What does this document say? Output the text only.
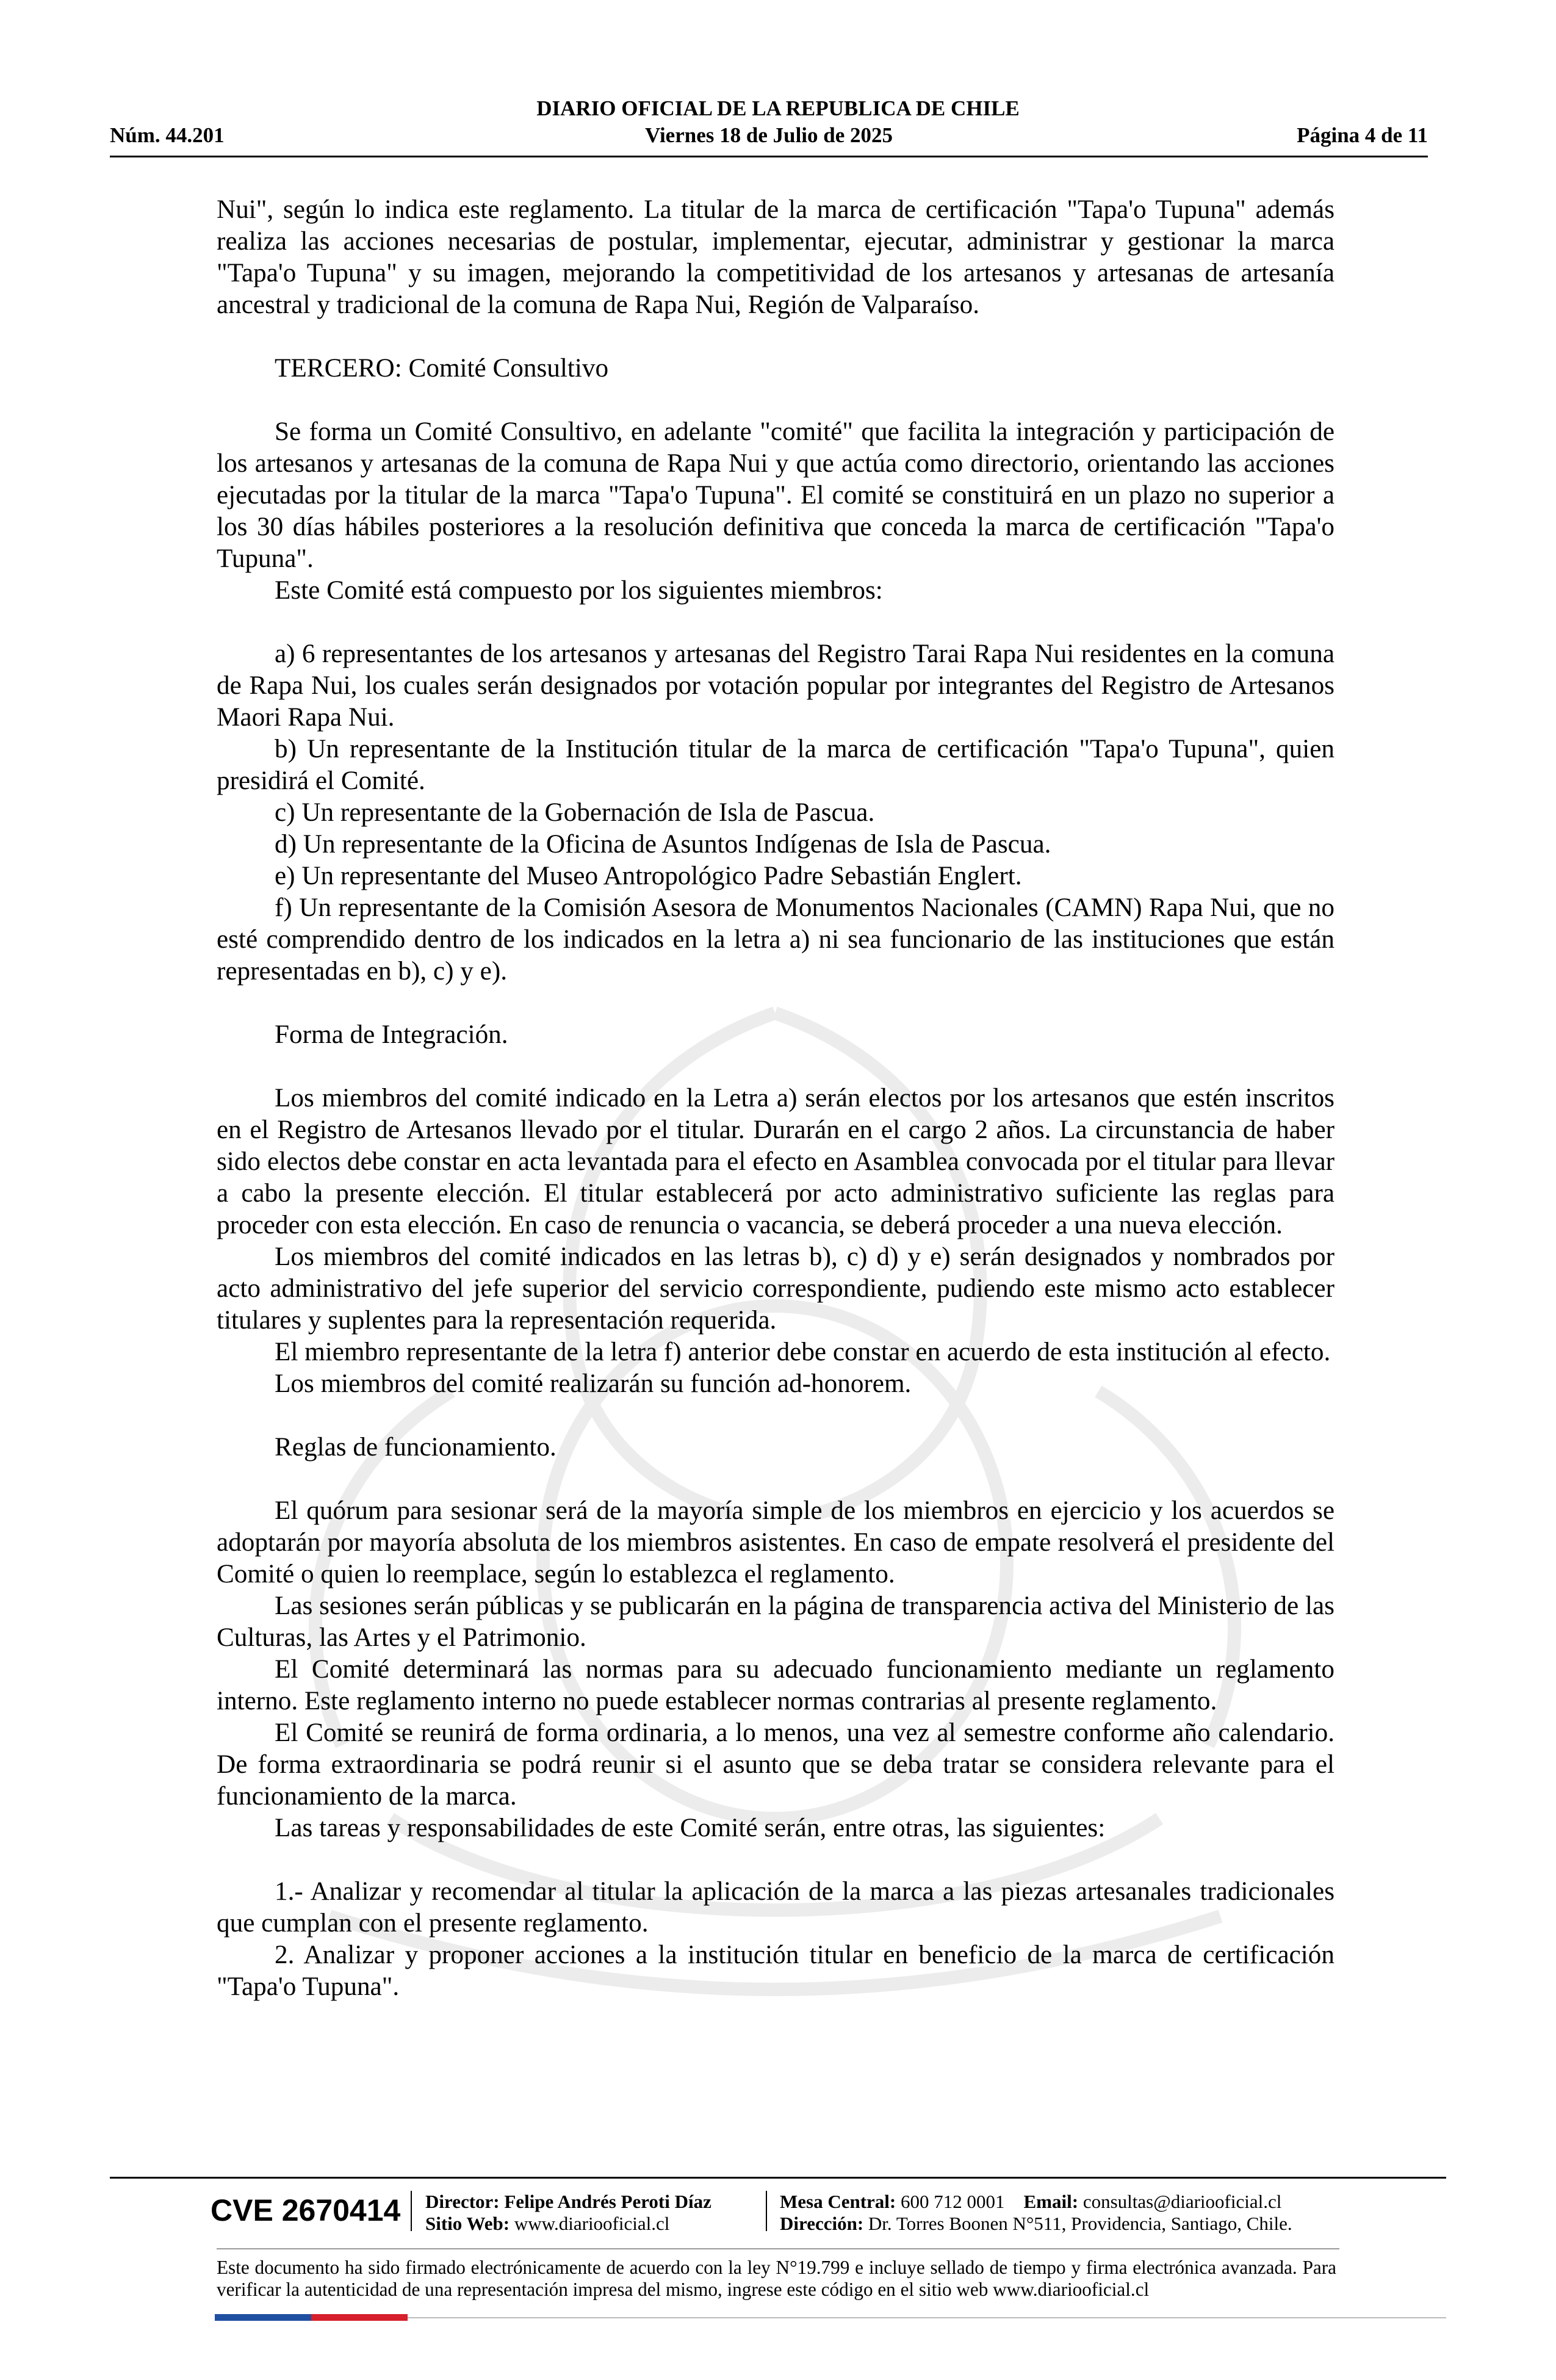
DIARIO OFICIAL DE LA REPUBLICA DE CHILE
Núm. 44.201	Viernes 18 de Julio de 2025	Página 4 de 11

Nui", según lo indica este reglamento. La titular de la marca de certificación "Tapa'o Tupuna" además realiza las acciones necesarias de postular, implementar, ejecutar, administrar y gestionar la marca "Tapa'o Tupuna" y su imagen, mejorando la competitividad de los artesanos y artesanas de artesanía ancestral y tradicional de la comuna de Rapa Nui, Región de Valparaíso.

TERCERO: Comité Consultivo

Se forma un Comité Consultivo, en adelante "comité" que facilita la integración y participación de los artesanos y artesanas de la comuna de Rapa Nui y que actúa como directorio, orientando las acciones ejecutadas por la titular de la marca "Tapa'o Tupuna". El comité se constituirá en un plazo no superior a los 30 días hábiles posteriores a la resolución definitiva que conceda la marca de certificación "Tapa'o Tupuna".

Este Comité está compuesto por los siguientes miembros:

a) 6 representantes de los artesanos y artesanas del Registro Tarai Rapa Nui residentes en la comuna de Rapa Nui, los cuales serán designados por votación popular por integrantes del Registro de Artesanos Maori Rapa Nui.

b) Un representante de la Institución titular de la marca de certificación "Tapa'o Tupuna", quien presidirá el Comité.

c) Un representante de la Gobernación de Isla de Pascua.

d) Un representante de la Oficina de Asuntos Indígenas de Isla de Pascua.

e) Un representante del Museo Antropológico Padre Sebastián Englert.

f) Un representante de la Comisión Asesora de Monumentos Nacionales (CAMN) Rapa Nui, que no esté comprendido dentro de los indicados en la letra a) ni sea funcionario de las instituciones que están representadas en b), c) y e).

Forma de Integración.

Los miembros del comité indicado en la Letra a) serán electos por los artesanos que estén inscritos en el Registro de Artesanos llevado por el titular. Durarán en el cargo 2 años. La circunstancia de haber sido electos debe constar en acta levantada para el efecto en Asamblea convocada por el titular para llevar a cabo la presente elección. El titular establecerá por acto administrativo suficiente las reglas para proceder con esta elección. En caso de renuncia o vacancia, se deberá proceder a una nueva elección.

Los miembros del comité indicados en las letras b), c) d) y e) serán designados y nombrados por acto administrativo del jefe superior del servicio correspondiente, pudiendo este mismo acto establecer titulares y suplentes para la representación requerida.

El miembro representante de la letra f) anterior debe constar en acuerdo de esta institución al efecto.

Los miembros del comité realizarán su función ad-honorem.

Reglas de funcionamiento.

El quórum para sesionar será de la mayoría simple de los miembros en ejercicio y los acuerdos se adoptarán por mayoría absoluta de los miembros asistentes. En caso de empate resolverá el presidente del Comité o quien lo reemplace, según lo establezca el reglamento.

Las sesiones serán públicas y se publicarán en la página de transparencia activa del Ministerio de las Culturas, las Artes y el Patrimonio.

El Comité determinará las normas para su adecuado funcionamiento mediante un reglamento interno. Este reglamento interno no puede establecer normas contrarias al presente reglamento.

El Comité se reunirá de forma ordinaria, a lo menos, una vez al semestre conforme año calendario. De forma extraordinaria se podrá reunir si el asunto que se deba tratar se considera relevante para el funcionamiento de la marca.

Las tareas y responsabilidades de este Comité serán, entre otras, las siguientes:

1.- Analizar y recomendar al titular la aplicación de la marca a las piezas artesanales tradicionales que cumplan con el presente reglamento.

2. Analizar y proponer acciones a la institución titular en beneficio de la marca de certificación "Tapa'o Tupuna".

CVE 2670414 Director: Felipe Andrés Peroti Díaz
Sitio Web: www.diariooficial.cl
Mesa Central: 600 712 0001 Email: consultas@diariooficial.cl
Dirección: Dr. Torres Boonen N°511, Providencia, Santiago, Chile.
Este documento ha sido firmado electrónicamente de acuerdo con la ley N°19.799 e incluye sellado de tiempo y firma electrónica avanzada. Para verificar la autenticidad de una representación impresa del mismo, ingrese este código en el sitio web www.diariooficial.cl
